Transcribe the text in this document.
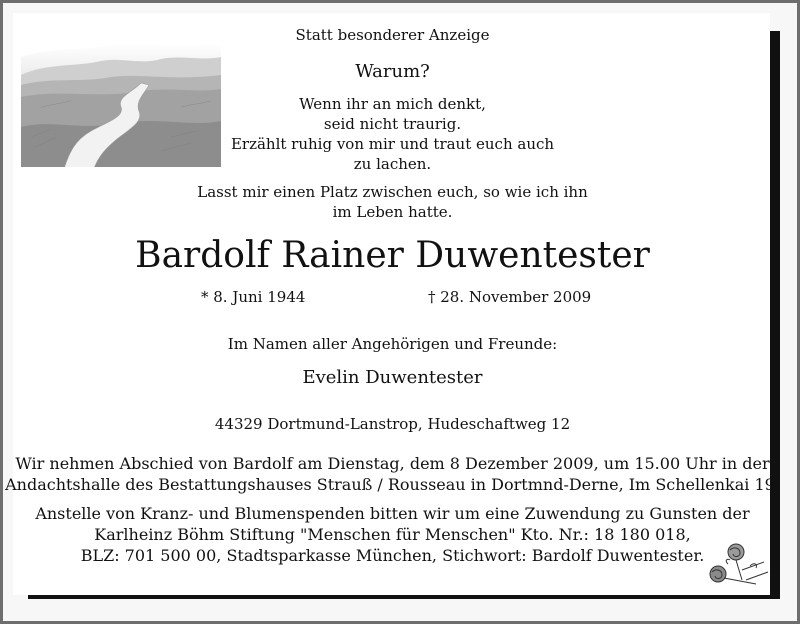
Statt besonderer Anzeige
Warum?
Wenn ihr an mich denkt,
seid nicht traurig.
Erzählt ruhig von mir und traut euch auch
zu lachen.
Lasst mir einen Platz zwischen euch, so wie ich ihn
im Leben hatte.
Bardolf Rainer Duwentester
* 8. Juni 1944	† 28. November 2009
Im Namen aller Angehörigen und Freunde:
Evelin Duwentester
44329 Dortmund-Lanstrop, Hudeschaftweg 12
Wir nehmen Abschied von Bardolf am Dienstag, dem 8 Dezember 2009, um 15.00 Uhr in der
Andachtshalle des Bestattungshauses Strauß / Rousseau in Dortmnd-Derne, Im Schellenkai 19.
Anstelle von Kranz- und Blumenspenden bitten wir um eine Zuwendung zu Gunsten der
Karlheinz Böhm Stiftung "Menschen für Menschen" Kto. Nr.: 18 180 018,
BLZ: 701 500 00, Stadtsparkasse München, Stichwort: Bardolf Duwentester.
